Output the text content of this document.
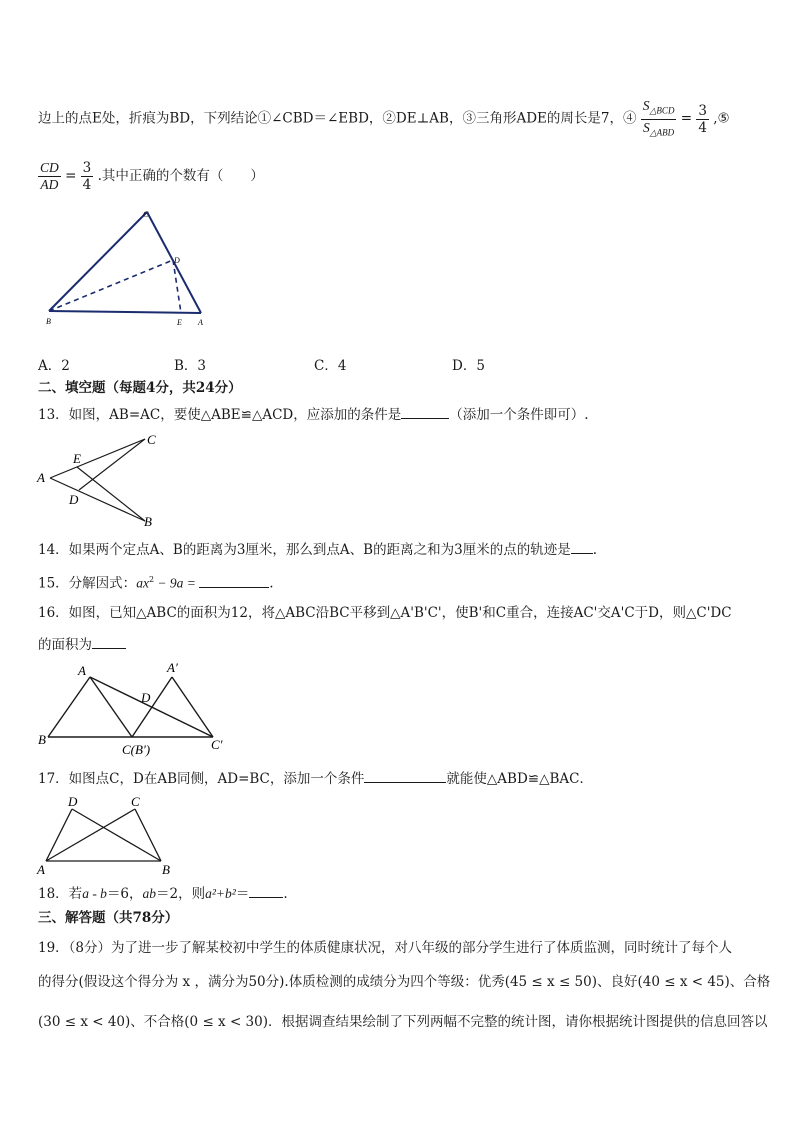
边上的点E处，折痕为BD，下列结论①∠CBD＝∠EBD，②DE⊥AB，③三角形ADE的周长是7，④ $\frac{S_{\triangle BCD}}{S_{\triangle ABD}} = \frac{3}{4}$ ,⑤
$\frac{CD}{AD} = \frac{3}{4}$ .其中正确的个数有（　　）
C
D
B	E A
A．2	B．3	C．4	D．5
二、填空题（每题4分，共24分）
13．如图，AB=AC，要使△ABE≌△ACD，应添加的条件是	（添加一个条件即可）.
A
E
C
D
B
14．如果两个定点A、B的距离为3厘米，那么到点A、B的距离之和为3厘米的点的轨迹是 .
15．分解因式：$ax^2 - 9a$ =	.
16．如图，已知△ABC的面积为12，将△ABC沿BC平移到△A'B'C'，使B'和C重合，连接AC'交A'C于D，则△C'DC
的面积为
A	A′
D
B
C(B′)	C′
17．如图点C，D在AB同侧，AD=BC，添加一个条件	就能使△ABD≌△BAC．
D	C
A	B
18．若a - b＝6，ab＝2，则a²+b²＝	.
三、解答题（共78分）
19．（8分）为了进一步了解某校初中学生的体质健康状况，对八年级的部分学生进行了体质监测，同时统计了每个人
的得分(假设这个得分为 x ，满分为50分).体质检测的成绩分为四个等级：优秀(45 ≤ x ≤ 50)、良好(40 ≤ x < 45)、合格
(30 ≤ x < 40)、不合格(0 ≤ x < 30)．根据调查结果绘制了下列两幅不完整的统计图，请你根据统计图提供的信息回答以
